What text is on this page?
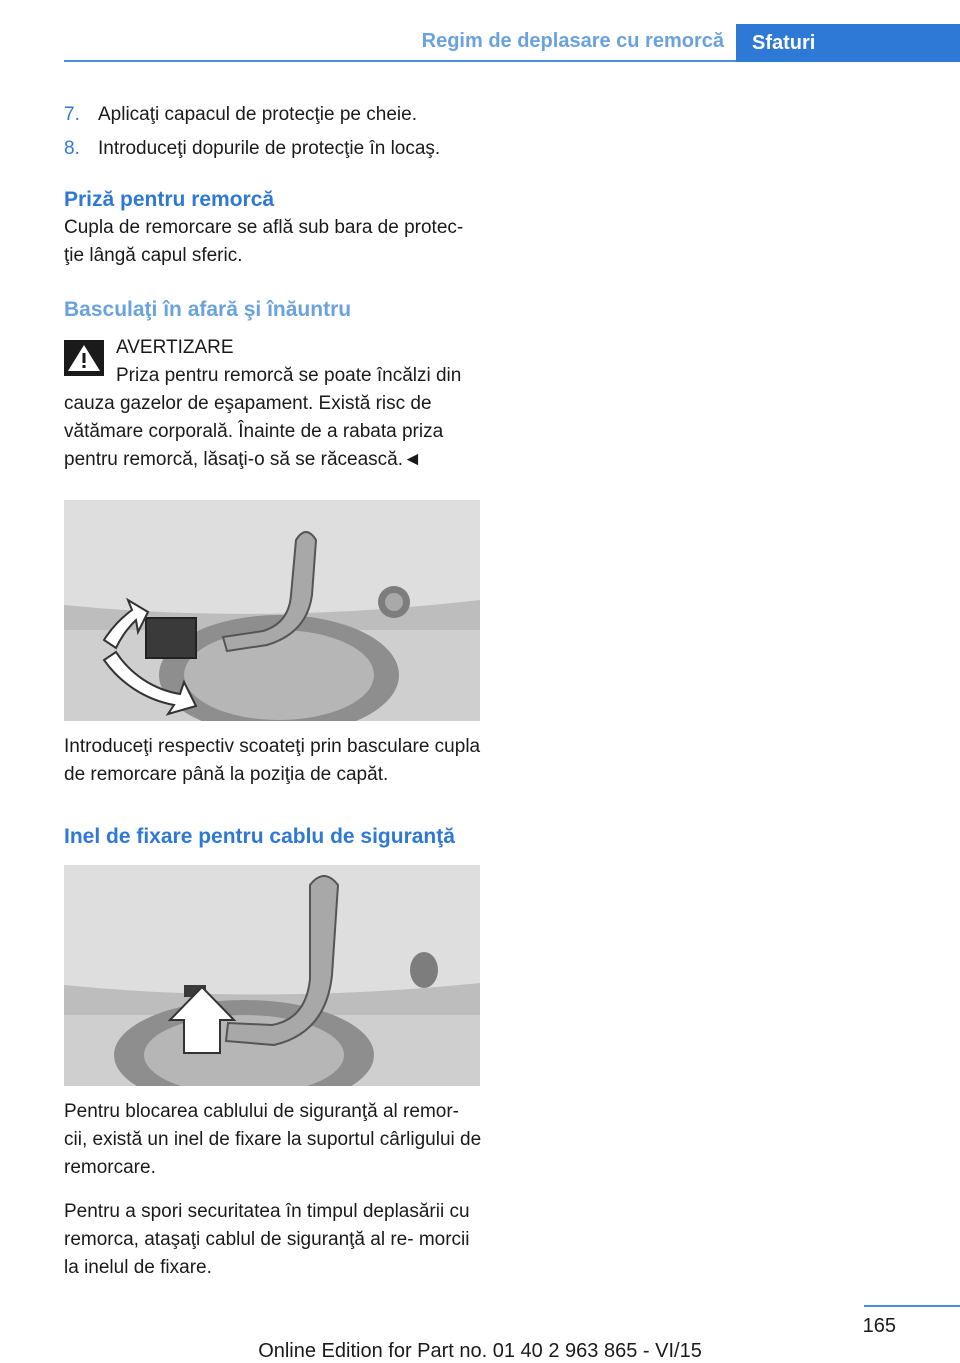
Regim de deplasare cu remorcă	Sfaturi
7. Aplicaţi capacul de protecţie pe cheie.
8. Introduceţi dopurile de protecţie în locaş.
Priză pentru remorcă

Cupla de remorcare se află sub bara de protec‐ ţie lângă capul sferic.

Basculaţi în afară şi înăuntru

AVERTIZARE

Priza pentru remorcă se poate încălzi din cauza gazelor de eşapament. Există risc de vătămare corporală. Înainte de a rabata priza pentru remorcă, lăsaţi-o să se răcească.◄

Introduceţi respectiv scoateţi prin basculare cupla de remorcare până la poziţia de capăt.

Inel de fixare pentru cablu de siguranţă

Pentru blocarea cablului de siguranţă al remor‐ cii, există un inel de fixare la suportul cârligului de remorcare.

Pentru a spori securitatea în timpul deplasării cu remorca, ataşaţi cablul de siguranţă al re‐ morcii la inelul de fixare.

165
Online Edition for Part no. 01 40 2 963 865 - VI/15
